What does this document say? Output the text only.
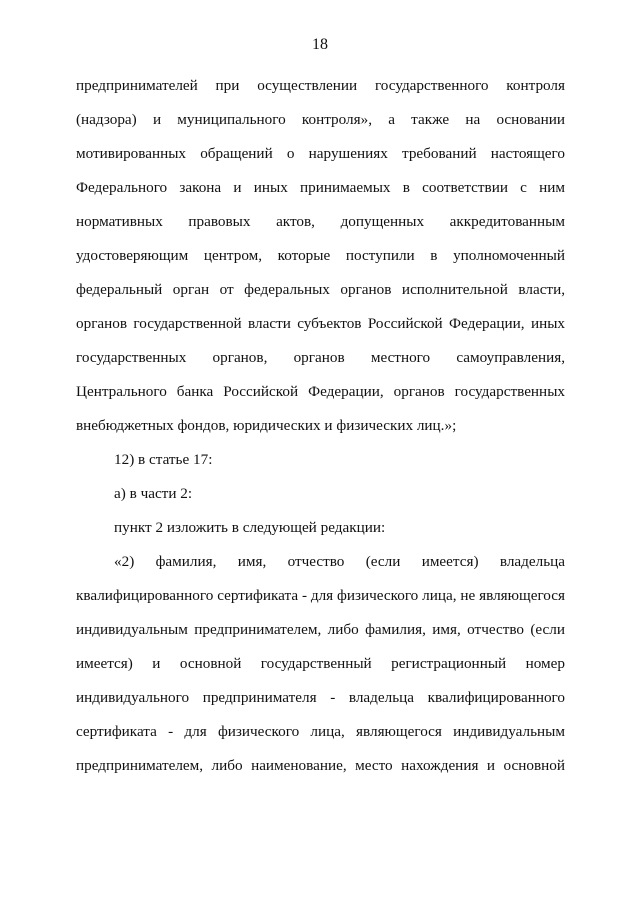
18
предпринимателей при осуществлении государственного контроля
(надзора) и муниципального контроля», а также на основании
мотивированных обращений о нарушениях требований настоящего
Федерального закона и иных принимаемых в соответствии с ним
нормативных правовых актов, допущенных аккредитованным
удостоверяющим центром, которые поступили в уполномоченный
федеральный орган от федеральных органов исполнительной власти,
органов государственной власти субъектов Российской Федерации, иных
государственных органов, органов местного самоуправления,
Центрального банка Российской Федерации, органов государственных
внебюджетных фондов, юридических и физических лиц.»;
12) в статье 17:
а) в части 2:
пункт 2 изложить в следующей редакции:
«2) фамилия, имя, отчество (если имеется) владельца
квалифицированного сертификата - для физического лица, не являющегося
индивидуальным предпринимателем, либо фамилия, имя, отчество (если
имеется) и основной государственный регистрационный номер
индивидуального предпринимателя - владельца квалифицированного
сертификата - для физического лица, являющегося индивидуальным
предпринимателем, либо наименование, место нахождения и основной
